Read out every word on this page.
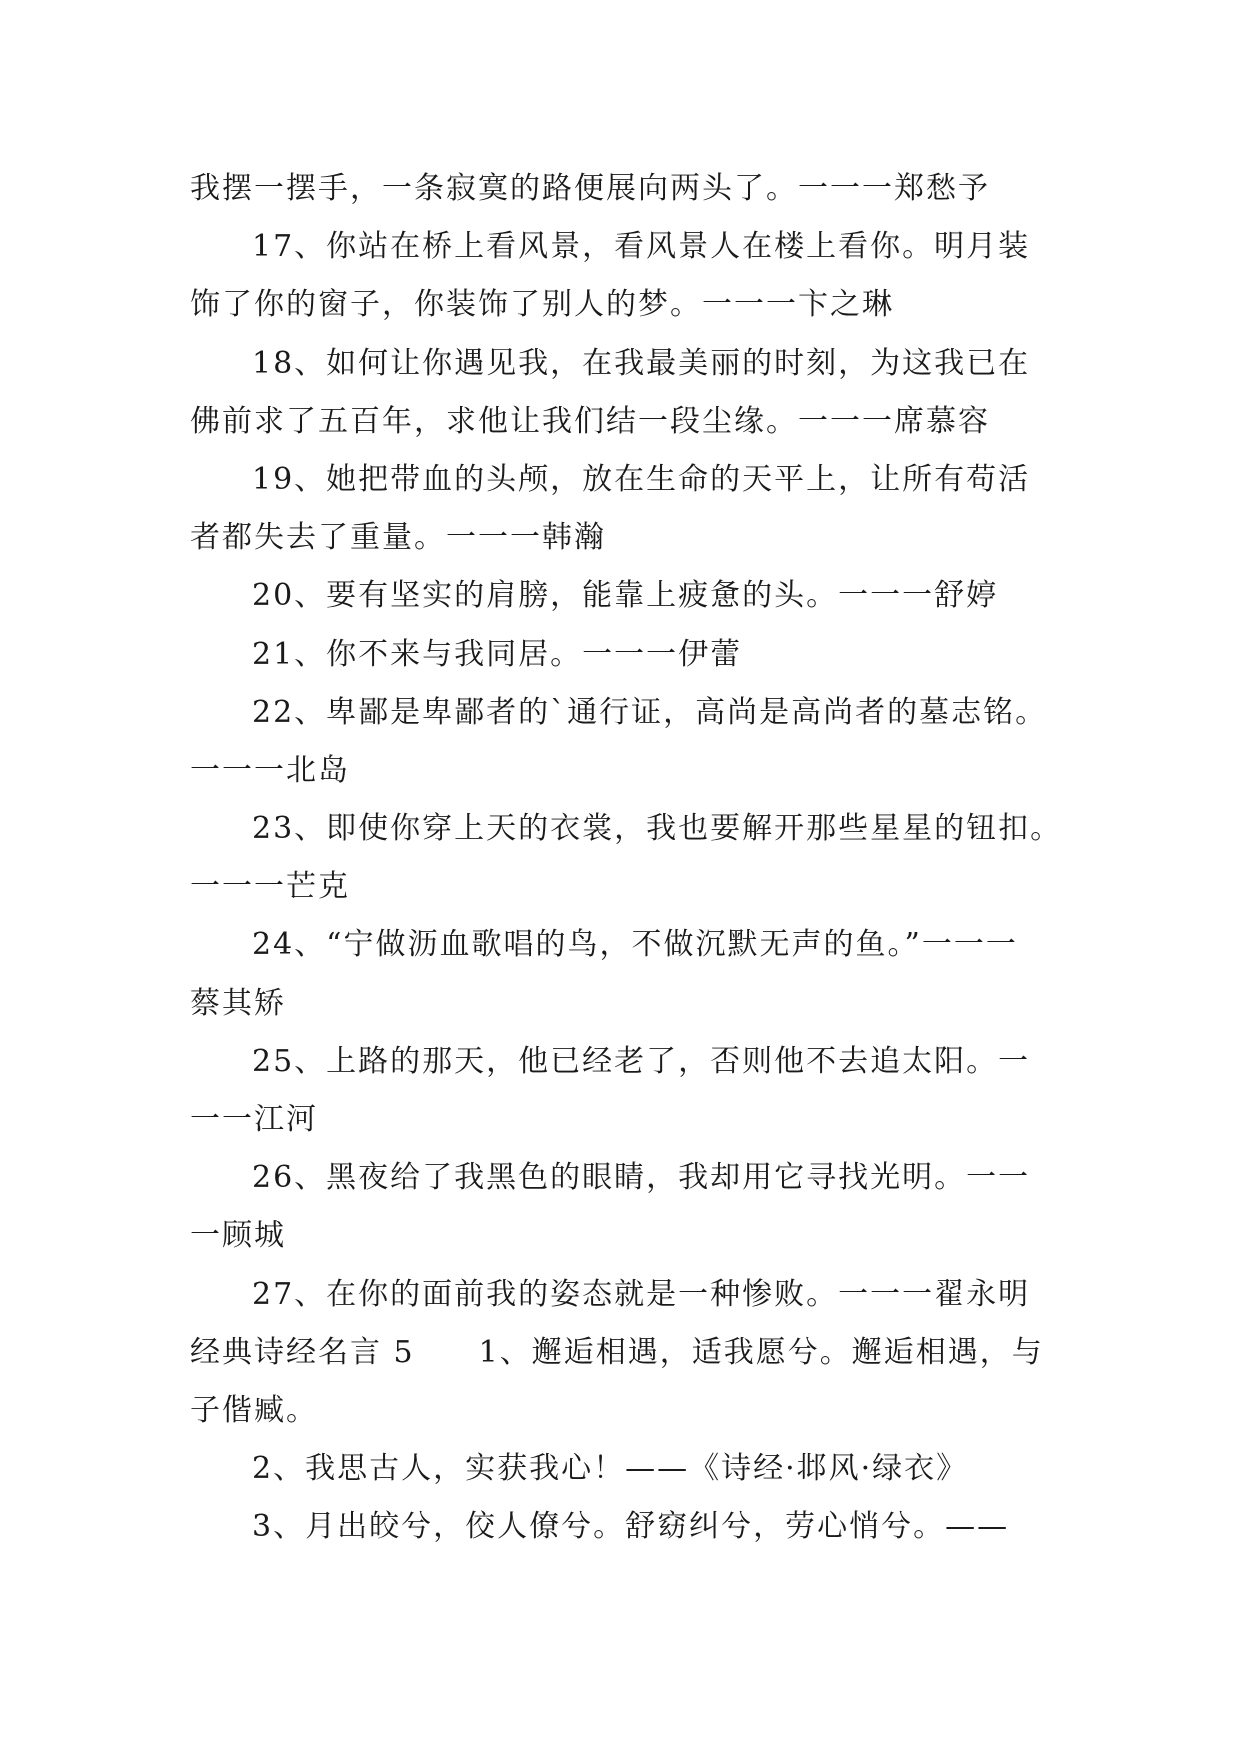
我摆一摆手，一条寂寞的路便展向两头了。一一一郑愁予
17、你站在桥上看风景，看风景人在楼上看你。明月装
饰了你的窗子，你装饰了别人的梦。一一一卞之琳
18、如何让你遇见我，在我最美丽的时刻，为这我已在
佛前求了五百年，求他让我们结一段尘缘。一一一席慕容
19、她把带血的头颅，放在生命的天平上，让所有苟活
者都失去了重量。一一一韩瀚
20、要有坚实的肩膀，能靠上疲惫的头。一一一舒婷
21、你不来与我同居。一一一伊蕾
22、卑鄙是卑鄙者的`通行证，高尚是高尚者的墓志铭。
一一一北岛
23、即使你穿上天的衣裳，我也要解开那些星星的钮扣。
一一一芒克
24、“宁做沥血歌唱的鸟，不做沉默无声的鱼。”一一一
蔡其矫
25、上路的那天，他已经老了，否则他不去追太阳。一
一一江河
26、黑夜给了我黑色的眼睛，我却用它寻找光明。一一
一顾城
27、在你的面前我的姿态就是一种惨败。一一一翟永明
经典诗经名言 5　　1、邂逅相遇，适我愿兮。邂逅相遇，与
子偕臧。
2、我思古人，实获我心！——《诗经·邶风·绿衣》
3、月出皎兮，佼人僚兮。舒窈纠兮，劳心悄兮。——
